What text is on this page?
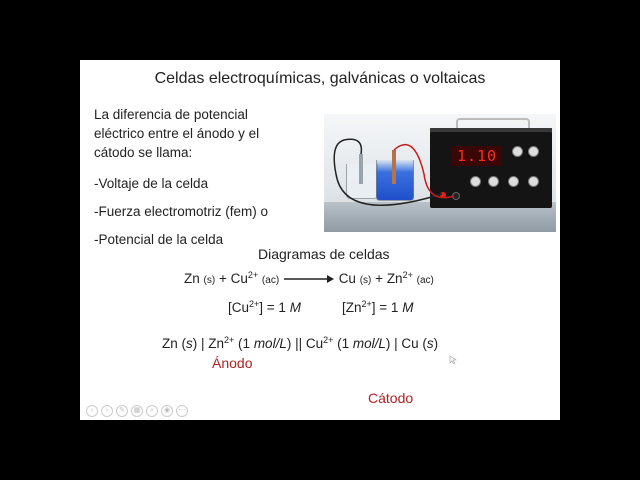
Celdas electroquímicas, galvánicas o voltaicas
La diferencia de potencial
eléctrico entre el ánodo y el
cátodo se llama:
-Voltaje de la celda
-Fuerza electromotriz (fem) o
-Potencial de la celda
1.10
Diagramas de celdas
Zn $(s) + Cu^{2+}$ (ac) → Cu $(s) + Zn^{2+}$ (ac)
$[Cu^{2+}] = 1$ M	$[Zn^{2+}] = 1$ M
Zn (s) | $Zn^{2+}$ (1 mol/L) || $Cu^{2+}$ (1 mol/L) | Cu (s)
Ánodo
Cátodo
‹	›	✎	▦	⌕	◉	⋯
